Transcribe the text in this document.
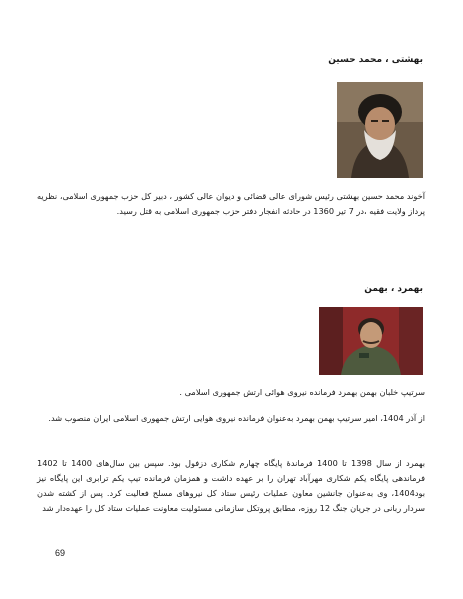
بهشتی ، محمد حسین
آخوند محمد حسین بهشتی رئیس شورای عالی قضائی و دیوان عالی کشور ، دبیر کل حزب جمهوری اسلامی، نظریه پرداز ولایت فقیه ،در 7 تیر 1360 در حادثه انفجار دفتر حزب جمهوری اسلامی به قتل رسید.
بهمرد ، بهمن
سرتیپ خلبان بهمن بهمرد فرمانده نیروی هوائی ارتش جمهوری اسلامی .
از آذر 1404، امیر سرتیپ بهمن بهمرد به‌عنوان فرمانده نیروی هوایی ارتش جمهوری اسلامی ایران منصوب شد.
بهمرد از سال 1398 تا 1400 فرماندهٔ پایگاه چهارم شکاری دزفول بود. سپس بین سال‌های 1400 تا 1402 فرماندهی پایگاه یکم شکاری مهرآباد تهران را بر عهده داشت و همزمان فرمانده تیپ یکم ترابری این پایگاه نیز بود1404، وی به‌عنوان جانشین معاون عملیات رئیس ستاد کل نیروهای مسلح فعالیت کرد. پس از کشته شدن سردار ربانی در جریان جنگ 12 روزه، مطابق پروتکل سازمانی مسئولیت معاونت عملیات ستاد کل را عهده‌دار شد
69
